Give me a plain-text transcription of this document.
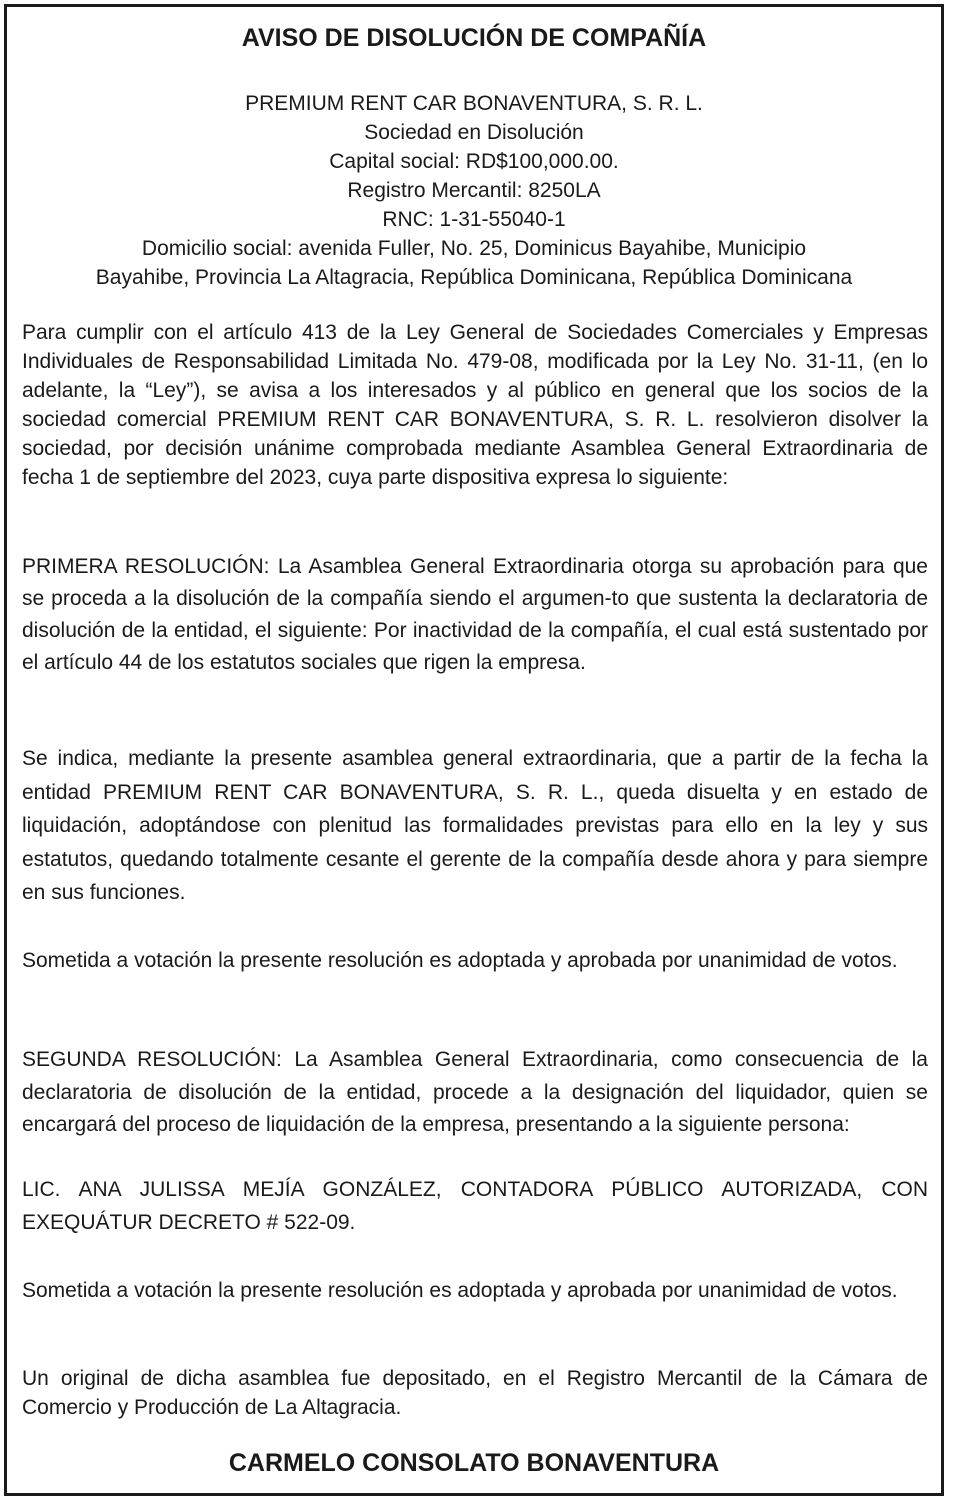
AVISO DE DISOLUCIÓN DE COMPAÑÍA
PREMIUM RENT CAR BONAVENTURA, S. R. L.
Sociedad en Disolución
Capital social: RD$100,000.00.
Registro Mercantil: 8250LA
RNC: 1-31-55040-1
Domicilio social: avenida Fuller, No. 25, Dominicus Bayahibe, Municipio
Bayahibe, Provincia La Altagracia, República Dominicana, República Dominicana

Para cumplir con el artículo 413 de la Ley General de Sociedades Comerciales y Empresas Individuales de Responsabilidad Limitada No. 479-08, modificada por la Ley No. 31-11, (en lo adelante, la “Ley”), se avisa a los interesados y al público en general que los socios de la sociedad comercial PREMIUM RENT CAR BONAVENTURA, S. R. L. resolvieron disolver la sociedad, por decisión unánime comprobada mediante Asamblea General Extraordinaria de fecha 1 de septiembre del 2023, cuya parte dispositiva expresa lo siguiente:

PRIMERA RESOLUCIÓN: La Asamblea General Extraordinaria otorga su aprobación para que se proceda a la disolución de la compañía siendo el argumen-to que sustenta la declaratoria de disolución de la entidad, el siguiente: Por inactividad de la compañía, el cual está sustentado por el artículo 44 de los estatutos sociales que rigen la empresa.

Se indica, mediante la presente asamblea general extraordinaria, que a partir de la fecha la entidad PREMIUM RENT CAR BONAVENTURA, S. R. L., queda disuelta y en estado de liquidación, adoptándose con plenitud las formalidades previstas para ello en la ley y sus estatutos, quedando totalmente cesante el gerente de la compañía desde ahora y para siempre en sus funciones.

Sometida a votación la presente resolución es adoptada y aprobada por unanimidad de votos.

SEGUNDA RESOLUCIÓN: La Asamblea General Extraordinaria, como consecuencia de la declaratoria de disolución de la entidad, procede a la designación del liquidador, quien se encargará del proceso de liquidación de la empresa, presentando a la siguiente persona:

LIC. ANA JULISSA MEJÍA GONZÁLEZ, CONTADORA PÚBLICO AUTORIZADA, CON EXEQUÁTUR DECRETO # 522-09.

Sometida a votación la presente resolución es adoptada y aprobada por unanimidad de votos.

Un original de dicha asamblea fue depositado, en el Registro Mercantil de la Cámara de Comercio y Producción de La Altagracia.

CARMELO CONSOLATO BONAVENTURA
